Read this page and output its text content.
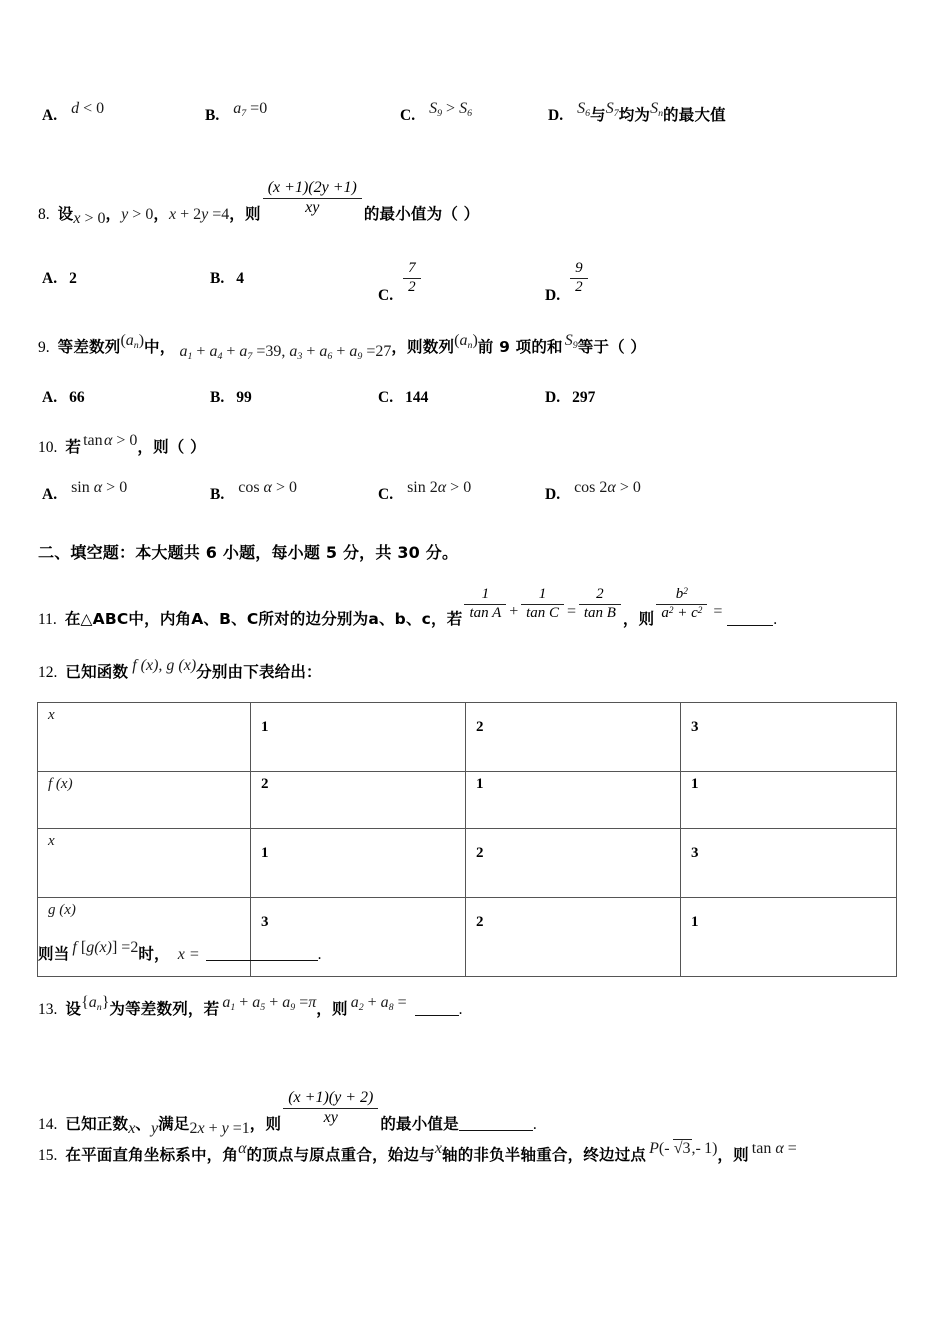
A. d < 0	B. $a_7 =0$	C. $S_9 > S_6$	D. $S_6$与$S_7$均为$S_n$的最大值
8. 设x > 0，y > 0，x + 2y =4，则 $\frac{(x +1)(2y +1)}{xy}$ 的最小值为（ ）
A. 2	B. 4
C. $\frac{7}{2}$	D. $\frac{9}{2}$
9. 等差数列$(a_n)$中， $a_1 + a_4 + a_7 =39$, $a_3 + a_6 + a_9 =27$，则数列$(a_n)$前 9 项的和 $S_9$等于（ ）
A. 66	B. 99	C. 144	D. 297
10. 若 tan α > 0，则（ ）
A. sin α > 0	B. cos α > 0	C. sin 2α > 0	D. cos 2α > 0
二、填空题：本大题共 6 小题，每小题 5 分，共 30 分。
11. 在△ABC中，内角A、B、C所对的边分别为a、b、c，若 $\frac{1}{\text{tan A}} + \frac{1}{\text{tan C}} = \frac{2}{\text{tan B}}$ ，则 $\frac{b^2}{a^2 + c^2}$ =	.
12. 已知函数 f (x), g (x)分别由下表给出：
x	1	2	3
f (x)	2	1	1
x	1	2	3
g (x)	3	2	1
则当 f [g(x)] =2时， x =	.
13. 设$\{a_n\}$为等差数列，若 $a_1 + a_5 + a_9 =\pi$，则 $a_2 + a_8$ =	.
14. 已知正数x、y满足2x + y =1，则 $\frac{(x +1)(y + 2)}{xy}$ 的最小值是	.
15. 在平面直角坐标系中，角α的顶点与原点重合，始边与x轴的非负半轴重合，终边过点 P(-  √3,-  1)，则 tan α =
